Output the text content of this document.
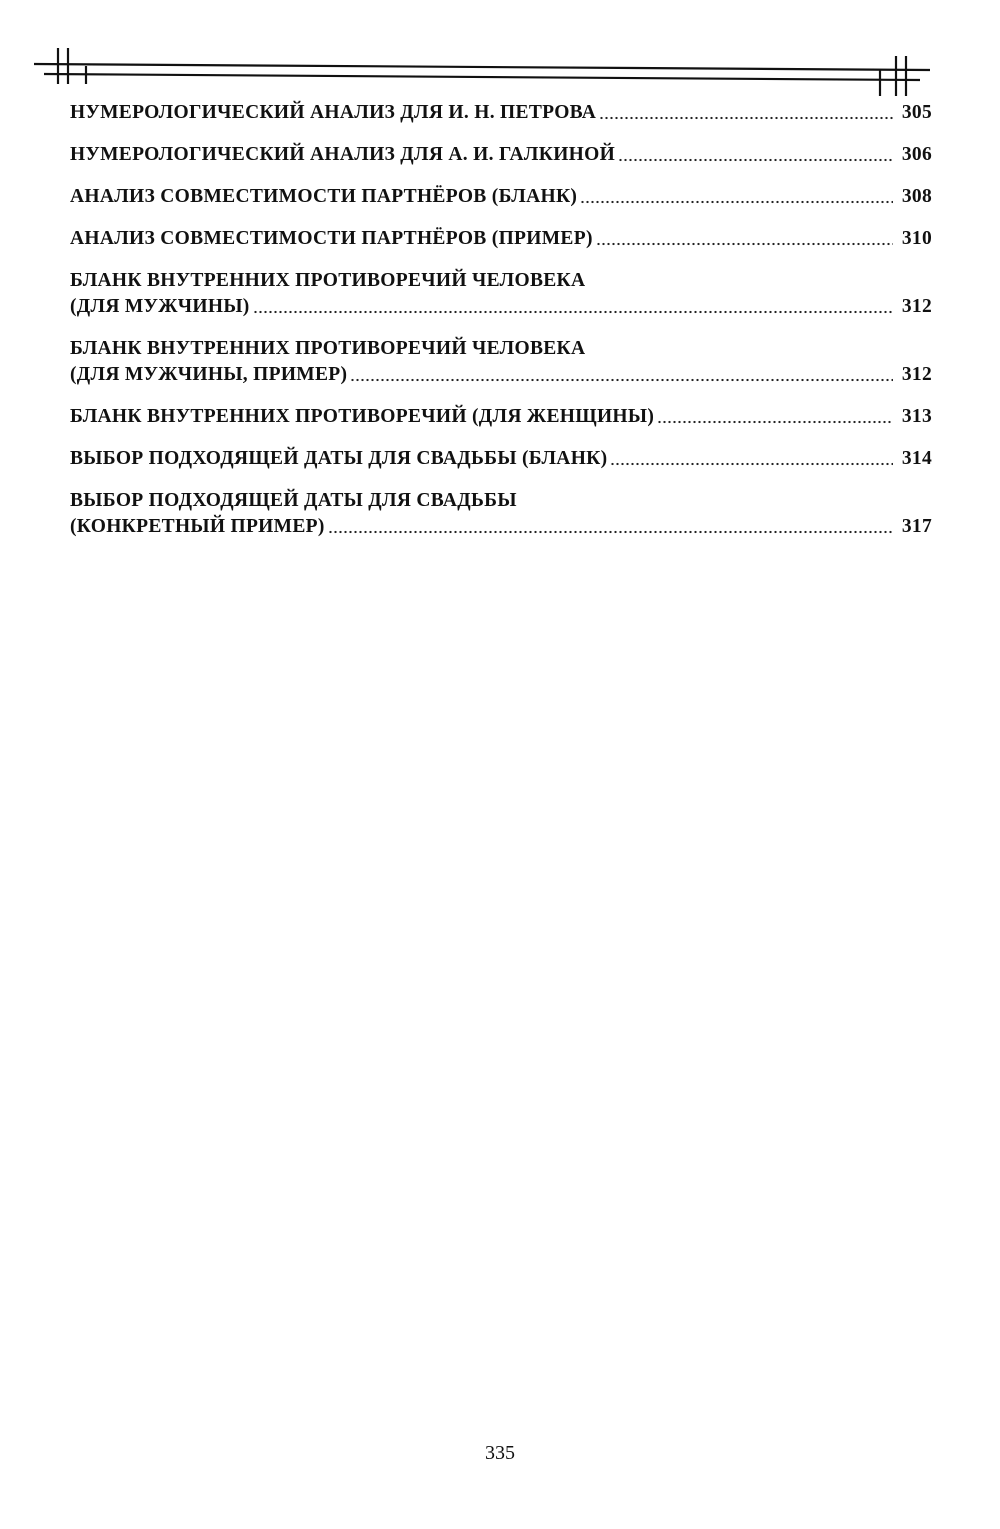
НУМЕРОЛОГИЧЕСКИЙ АНАЛИЗ ДЛЯ И. Н. ПЕТРОВА	305
НУМЕРОЛОГИЧЕСКИЙ АНАЛИЗ ДЛЯ А. И. ГАЛКИНОЙ	306
АНАЛИЗ СОВМЕСТИМОСТИ ПАРТНЁРОВ (БЛАНК)	308
АНАЛИЗ СОВМЕСТИМОСТИ ПАРТНЁРОВ (ПРИМЕР)	310
БЛАНК ВНУТРЕННИХ ПРОТИВОРЕЧИЙ ЧЕЛОВЕКА
(ДЛЯ МУЖЧИНЫ)	312
БЛАНК ВНУТРЕННИХ ПРОТИВОРЕЧИЙ ЧЕЛОВЕКА
(ДЛЯ МУЖЧИНЫ, ПРИМЕР)	312
БЛАНК ВНУТРЕННИХ ПРОТИВОРЕЧИЙ (ДЛЯ ЖЕНЩИНЫ)	313
ВЫБОР ПОДХОДЯЩЕЙ ДАТЫ ДЛЯ СВАДЬБЫ (БЛАНК)	314
ВЫБОР ПОДХОДЯЩЕЙ ДАТЫ ДЛЯ СВАДЬБЫ
(КОНКРЕТНЫЙ ПРИМЕР)	317
335
